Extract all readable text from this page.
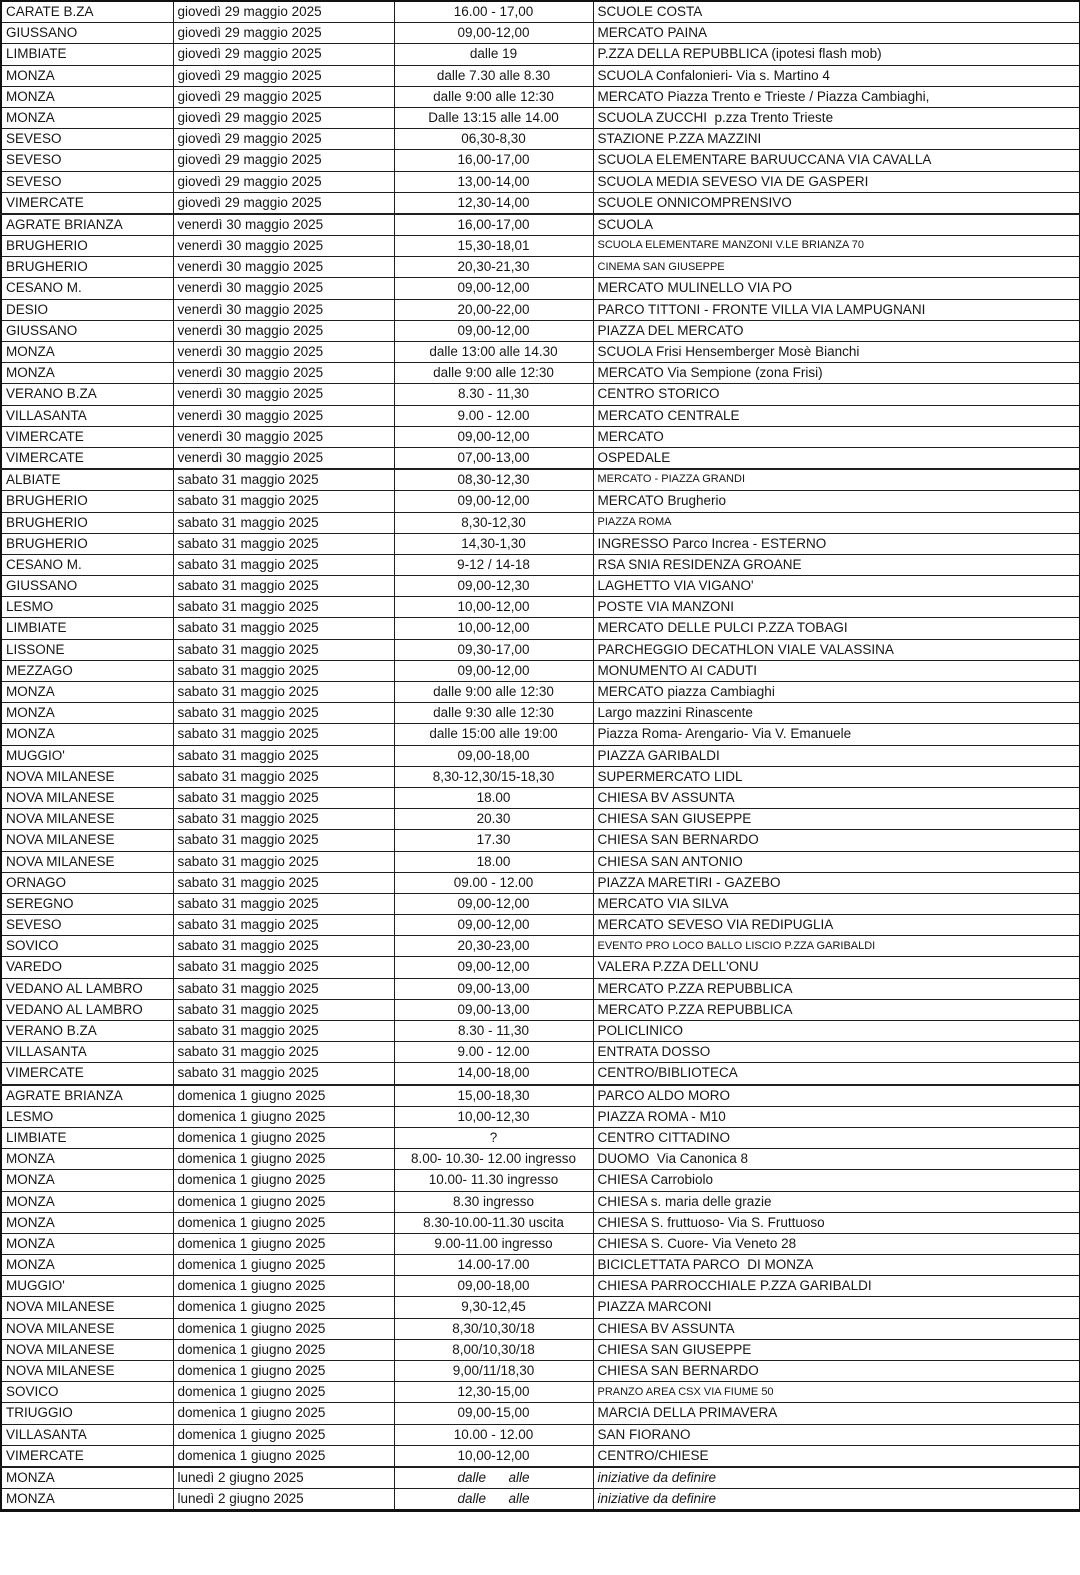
CARATE B.ZA	giovedì 29 maggio 2025	16.00 - 17,00	SCUOLE COSTA
GIUSSANO	giovedì 29 maggio 2025	09,00-12,00	MERCATO PAINA
LIMBIATE	giovedì 29 maggio 2025	dalle 19	P.ZZA DELLA REPUBBLICA (ipotesi flash mob)
MONZA	giovedì 29 maggio 2025	dalle 7.30 alle 8.30	SCUOLA Confalonieri- Via s. Martino 4
MONZA	giovedì 29 maggio 2025	dalle 9:00 alle 12:30	MERCATO Piazza Trento e Trieste / Piazza Cambiaghi,
MONZA	giovedì 29 maggio 2025	Dalle 13:15 alle 14.00	SCUOLA ZUCCHI  p.zza Trento Trieste
SEVESO	giovedì 29 maggio 2025	06,30-8,30	STAZIONE P.ZZA MAZZINI
SEVESO	giovedì 29 maggio 2025	16,00-17,00	SCUOLA ELEMENTARE BARUUCCANA VIA CAVALLA
SEVESO	giovedì 29 maggio 2025	13,00-14,00	SCUOLA MEDIA SEVESO VIA DE GASPERI
VIMERCATE	giovedì 29 maggio 2025	12,30-14,00	SCUOLE ONNICOMPRENSIVO
AGRATE BRIANZA	venerdì 30 maggio 2025	16,00-17,00	SCUOLA
BRUGHERIO	venerdì 30 maggio 2025	15,30-18,01	SCUOLA ELEMENTARE MANZONI V.LE BRIANZA 70
BRUGHERIO	venerdì 30 maggio 2025	20,30-21,30	CINEMA SAN GIUSEPPE
CESANO M.	venerdì 30 maggio 2025	09,00-12,00	MERCATO MULINELLO VIA PO
DESIO	venerdì 30 maggio 2025	20,00-22,00	PARCO TITTONI - FRONTE VILLA VIA LAMPUGNANI
GIUSSANO	venerdì 30 maggio 2025	09,00-12,00	PIAZZA DEL MERCATO
MONZA	venerdì 30 maggio 2025	dalle 13:00 alle 14.30	SCUOLA Frisi Hensemberger Mosè Bianchi
MONZA	venerdì 30 maggio 2025	dalle 9:00 alle 12:30	MERCATO Via Sempione (zona Frisi)
VERANO B.ZA	venerdì 30 maggio 2025	8.30 - 11,30	CENTRO STORICO
VILLASANTA	venerdì 30 maggio 2025	9.00 - 12.00	MERCATO CENTRALE
VIMERCATE	venerdì 30 maggio 2025	09,00-12,00	MERCATO
VIMERCATE	venerdì 30 maggio 2025	07,00-13,00	OSPEDALE
ALBIATE	sabato 31 maggio 2025	08,30-12,30	MERCATO - PIAZZA GRANDI
BRUGHERIO	sabato 31 maggio 2025	09,00-12,00	MERCATO Brugherio
BRUGHERIO	sabato 31 maggio 2025	8,30-12,30	PIAZZA ROMA
BRUGHERIO	sabato 31 maggio 2025	14,30-1,30	INGRESSO Parco Increa - ESTERNO
CESANO M.	sabato 31 maggio 2025	9-12 / 14-18	RSA SNIA RESIDENZA GROANE
GIUSSANO	sabato 31 maggio 2025	09,00-12,30	LAGHETTO VIA VIGANO'
LESMO	sabato 31 maggio 2025	10,00-12,00	POSTE VIA MANZONI
LIMBIATE	sabato 31 maggio 2025	10,00-12,00	MERCATO DELLE PULCI P.ZZA TOBAGI
LISSONE	sabato 31 maggio 2025	09,30-17,00	PARCHEGGIO DECATHLON VIALE VALASSINA
MEZZAGO	sabato 31 maggio 2025	09,00-12,00	MONUMENTO AI CADUTI
MONZA	sabato 31 maggio 2025	dalle 9:00 alle 12:30	MERCATO piazza Cambiaghi
MONZA	sabato 31 maggio 2025	dalle 9:30 alle 12:30	Largo mazzini Rinascente
MONZA	sabato 31 maggio 2025	dalle 15:00 alle 19:00	Piazza Roma- Arengario- Via V. Emanuele
MUGGIO'	sabato 31 maggio 2025	09,00-18,00	PIAZZA GARIBALDI
NOVA MILANESE	sabato 31 maggio 2025	8,30-12,30/15-18,30	SUPERMERCATO LIDL
NOVA MILANESE	sabato 31 maggio 2025	18.00	CHIESA BV ASSUNTA
NOVA MILANESE	sabato 31 maggio 2025	20.30	CHIESA SAN GIUSEPPE
NOVA MILANESE	sabato 31 maggio 2025	17.30	CHIESA SAN BERNARDO
NOVA MILANESE	sabato 31 maggio 2025	18.00	CHIESA SAN ANTONIO
ORNAGO	sabato 31 maggio 2025	09.00 - 12.00	PIAZZA MARETIRI - GAZEBO
SEREGNO	sabato 31 maggio 2025	09,00-12,00	MERCATO VIA SILVA
SEVESO	sabato 31 maggio 2025	09,00-12,00	MERCATO SEVESO VIA REDIPUGLIA
SOVICO	sabato 31 maggio 2025	20,30-23,00	EVENTO PRO LOCO BALLO LISCIO P.ZZA GARIBALDI
VAREDO	sabato 31 maggio 2025	09,00-12,00	VALERA P.ZZA DELL'ONU
VEDANO AL LAMBRO	sabato 31 maggio 2025	09,00-13,00	MERCATO P.ZZA REPUBBLICA
VEDANO AL LAMBRO	sabato 31 maggio 2025	09,00-13,00	MERCATO P.ZZA REPUBBLICA
VERANO B.ZA	sabato 31 maggio 2025	8.30 - 11,30	POLICLINICO
VILLASANTA	sabato 31 maggio 2025	9.00 - 12.00	ENTRATA DOSSO
VIMERCATE	sabato 31 maggio 2025	14,00-18,00	CENTRO/BIBLIOTECA
AGRATE BRIANZA	domenica 1 giugno 2025	15,00-18,30	PARCO ALDO MORO
LESMO	domenica 1 giugno 2025	10,00-12,30	PIAZZA ROMA - M10
LIMBIATE	domenica 1 giugno 2025	?	CENTRO CITTADINO
MONZA	domenica 1 giugno 2025	8.00- 10.30- 12.00 ingresso	DUOMO  Via Canonica 8
MONZA	domenica 1 giugno 2025	10.00- 11.30 ingresso	CHIESA Carrobiolo
MONZA	domenica 1 giugno 2025	8.30 ingresso	CHIESA s. maria delle grazie
MONZA	domenica 1 giugno 2025	8.30-10.00-11.30 uscita	CHIESA S. fruttuoso- Via S. Fruttuoso
MONZA	domenica 1 giugno 2025	9.00-11.00 ingresso	CHIESA S. Cuore- Via Veneto 28
MONZA	domenica 1 giugno 2025	14.00-17.00	BICICLETTATA PARCO  DI MONZA
MUGGIO'	domenica 1 giugno 2025	09,00-18,00	CHIESA PARROCCHIALE P.ZZA GARIBALDI
NOVA MILANESE	domenica 1 giugno 2025	9,30-12,45	PIAZZA MARCONI
NOVA MILANESE	domenica 1 giugno 2025	8,30/10,30/18	CHIESA BV ASSUNTA
NOVA MILANESE	domenica 1 giugno 2025	8,00/10,30/18	CHIESA SAN GIUSEPPE
NOVA MILANESE	domenica 1 giugno 2025	9,00/11/18,30	CHIESA SAN BERNARDO
SOVICO	domenica 1 giugno 2025	12,30-15,00	PRANZO AREA CSX VIA FIUME 50
TRIUGGIO	domenica 1 giugno 2025	09,00-15,00	MARCIA DELLA PRIMAVERA
VILLASANTA	domenica 1 giugno 2025	10.00 - 12.00	SAN FIORANO
VIMERCATE	domenica 1 giugno 2025	10,00-12,00	CENTRO/CHIESE
MONZA	lunedì 2 giugno 2025	dalle      alle	iniziative da definire
MONZA	lunedì 2 giugno 2025	dalle      alle	iniziative da definire
